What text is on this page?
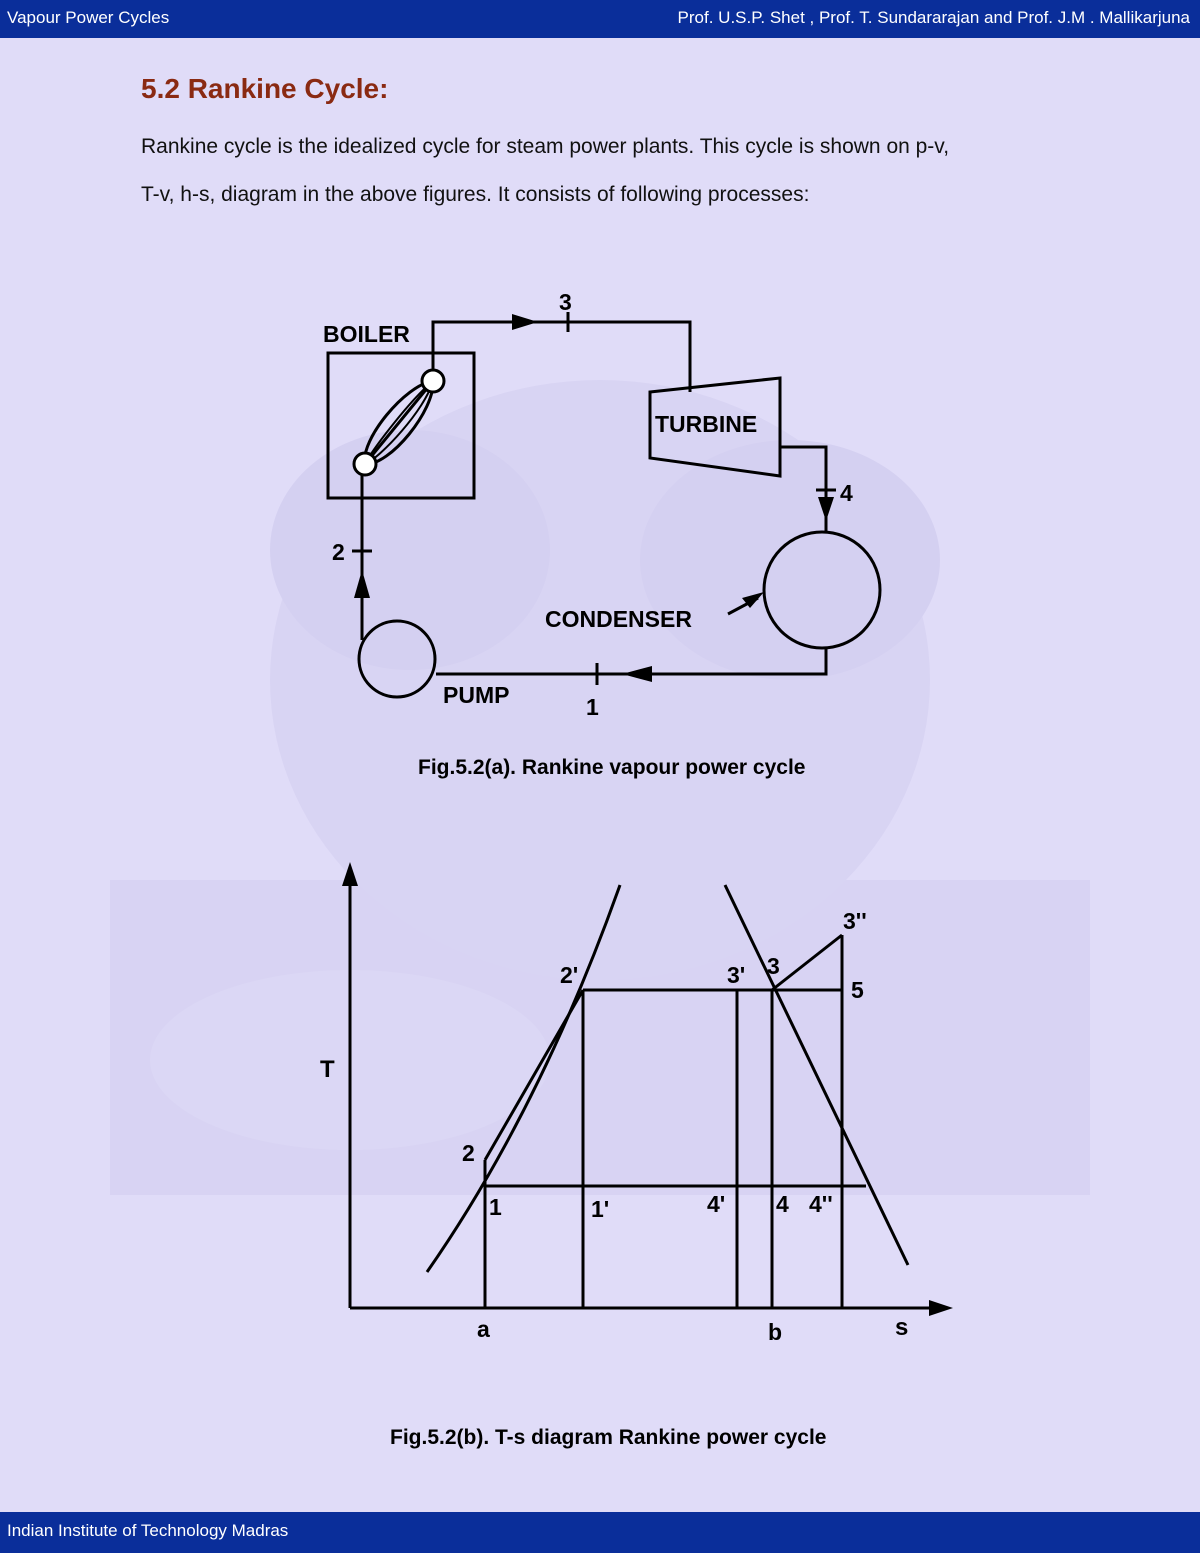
Vapour Power Cycles	Prof. U.S.P. Shet , Prof. T. Sundararajan and Prof. J.M . Mallikarjuna
5.2 Rankine Cycle:

Rankine cycle is the idealized cycle for steam power plants. This cycle is shown on p-v,

T-v, h-s, diagram in the above figures. It consists of following processes:

BOILER
TURBINE
CONDENSER
PUMP
3
4
1
2
Fig.5.2(a). Rankine vapour power cycle
T
s
a	b
2
2'	3' 3
3''
5
1	1'	4' 4 4''
Fig.5.2(b). T-s diagram Rankine power cycle
Indian Institute of Technology Madras
